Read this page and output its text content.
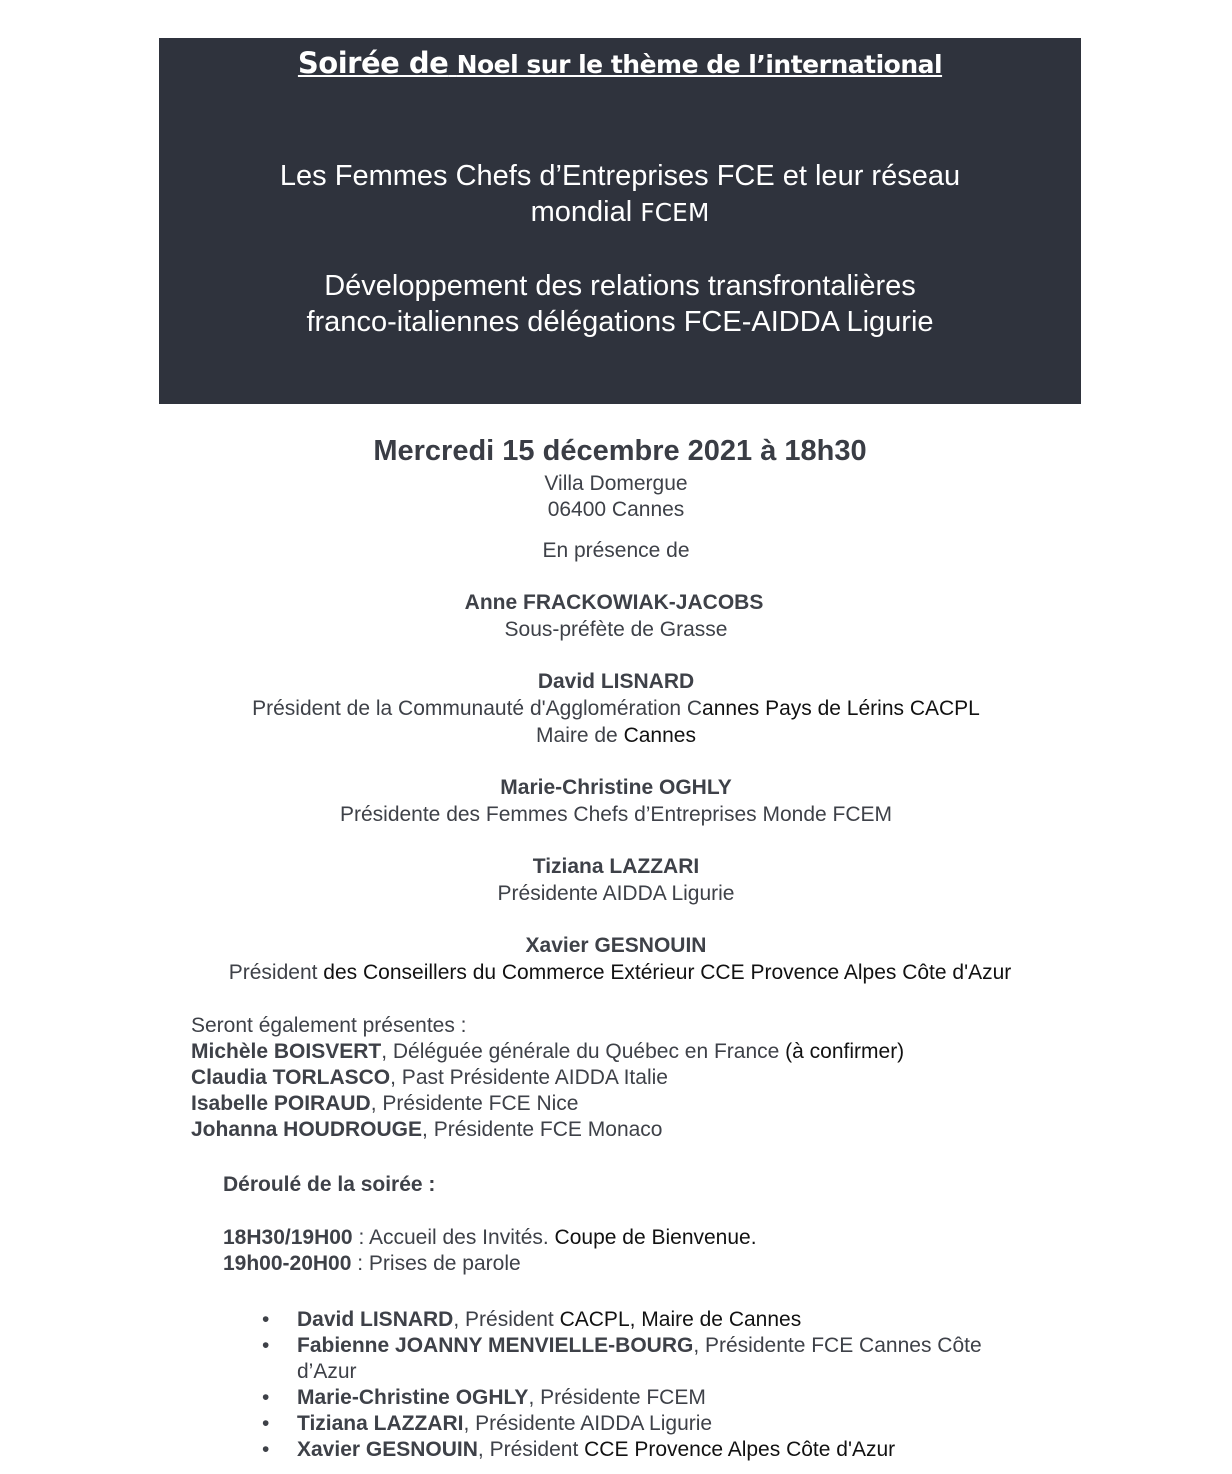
Soirée de Noel sur le thème de l’international
Les Femmes Chefs d’Entreprises FCE et leur réseau
mondial FCEM
Développement des relations transfrontalières
franco-italiennes délégations FCE-AIDDA Ligurie
Mercredi 15 décembre 2021 à 18h30
Villa Domergue
06400 Cannes
En présence de
Anne FRACKOWIAK-JACOBS
Sous-préfète de Grasse
David LISNARD
Président de la Communauté d'Agglomération Cannes Pays de Lérins CACPL
Maire de Cannes
Marie-Christine OGHLY
Présidente des Femmes Chefs d’Entreprises Monde FCEM
Tiziana LAZZARI
Présidente AIDDA Ligurie
Xavier GESNOUIN
Président des Conseillers du Commerce Extérieur CCE Provence Alpes Côte d'Azur
Seront également présentes :
Michèle BOISVERT, Déléguée générale du Québec en France (à confirmer)
Claudia TORLASCO, Past Présidente AIDDA Italie
Isabelle POIRAUD, Présidente FCE Nice
Johanna HOUDROUGE, Présidente FCE Monaco
Déroulé de la soirée :
18H30/19H00 : Accueil des Invités. Coupe de Bienvenue.
19h00-20H00 : Prises de parole
• David LISNARD, Président CACPL, Maire de Cannes
• Fabienne JOANNY MENVIELLE-BOURG, Présidente FCE Cannes Côte d’Azur
• Marie-Christine OGHLY, Présidente FCEM
• Tiziana LAZZARI, Présidente AIDDA Ligurie
• Xavier GESNOUIN, Président CCE Provence Alpes Côte d'Azur
